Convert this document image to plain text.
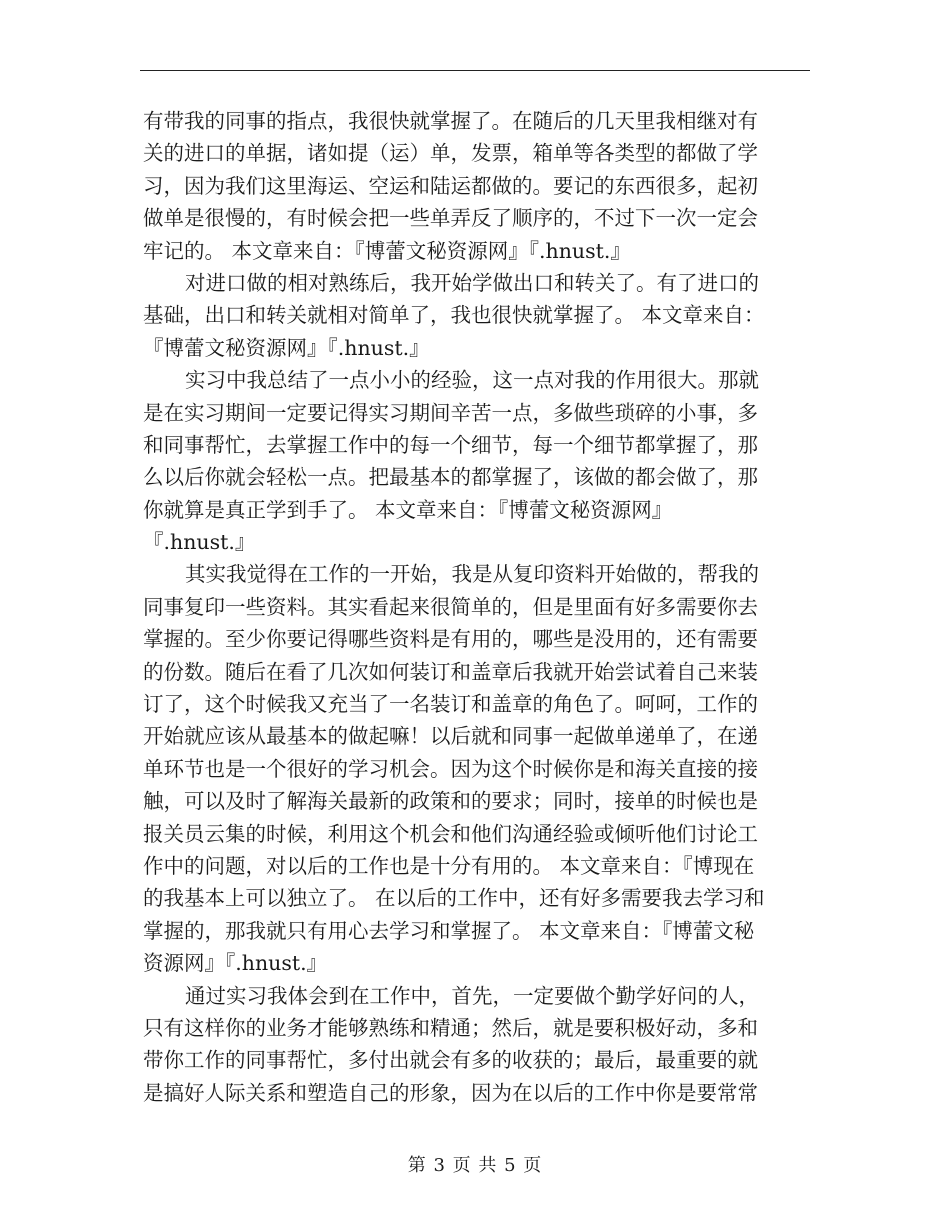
有带我的同事的指点，我很快就掌握了。在随后的几天里我相继对有
关的进口的单据，诸如提（运）单，发票，箱单等各类型的都做了学
习，因为我们这里海运、空运和陆运都做的。要记的东西很多，起初
做单是很慢的，有时候会把一些单弄反了顺序的，不过下一次一定会
牢记的。 本文章来自：『博蕾文秘资源网』『.hnust.』
对进口做的相对熟练后，我开始学做出口和转关了。有了进口的
基础，出口和转关就相对简单了，我也很快就掌握了。 本文章来自：
『博蕾文秘资源网』『.hnust.』
实习中我总结了一点小小的经验，这一点对我的作用很大。那就
是在实习期间一定要记得实习期间辛苦一点，多做些琐碎的小事，多
和同事帮忙，去掌握工作中的每一个细节，每一个细节都掌握了，那
么以后你就会轻松一点。把最基本的都掌握了，该做的都会做了，那
你就算是真正学到手了。 本文章来自：『博蕾文秘资源网』
『.hnust.』
其实我觉得在工作的一开始，我是从复印资料开始做的，帮我的
同事复印一些资料。其实看起来很简单的，但是里面有好多需要你去
掌握的。至少你要记得哪些资料是有用的，哪些是没用的，还有需要
的份数。随后在看了几次如何装订和盖章后我就开始尝试着自己来装
订了，这个时候我又充当了一名装订和盖章的角色了。呵呵，工作的
开始就应该从最基本的做起嘛！以后就和同事一起做单递单了，在递
单环节也是一个很好的学习机会。因为这个时候你是和海关直接的接
触，可以及时了解海关最新的政策和的要求；同时，接单的时候也是
报关员云集的时候，利用这个机会和他们沟通经验或倾听他们讨论工
作中的问题，对以后的工作也是十分有用的。 本文章来自：『博现在
的我基本上可以独立了。 在以后的工作中，还有好多需要我去学习和
掌握的，那我就只有用心去学习和掌握了。 本文章来自：『博蕾文秘
资源网』『.hnust.』
通过实习我体会到在工作中，首先，一定要做个勤学好问的人，
只有这样你的业务才能够熟练和精通；然后，就是要积极好动，多和
带你工作的同事帮忙，多付出就会有多的收获的；最后，最重要的就
是搞好人际关系和塑造自己的形象，因为在以后的工作中你是要常常
第 3 页 共 5 页
